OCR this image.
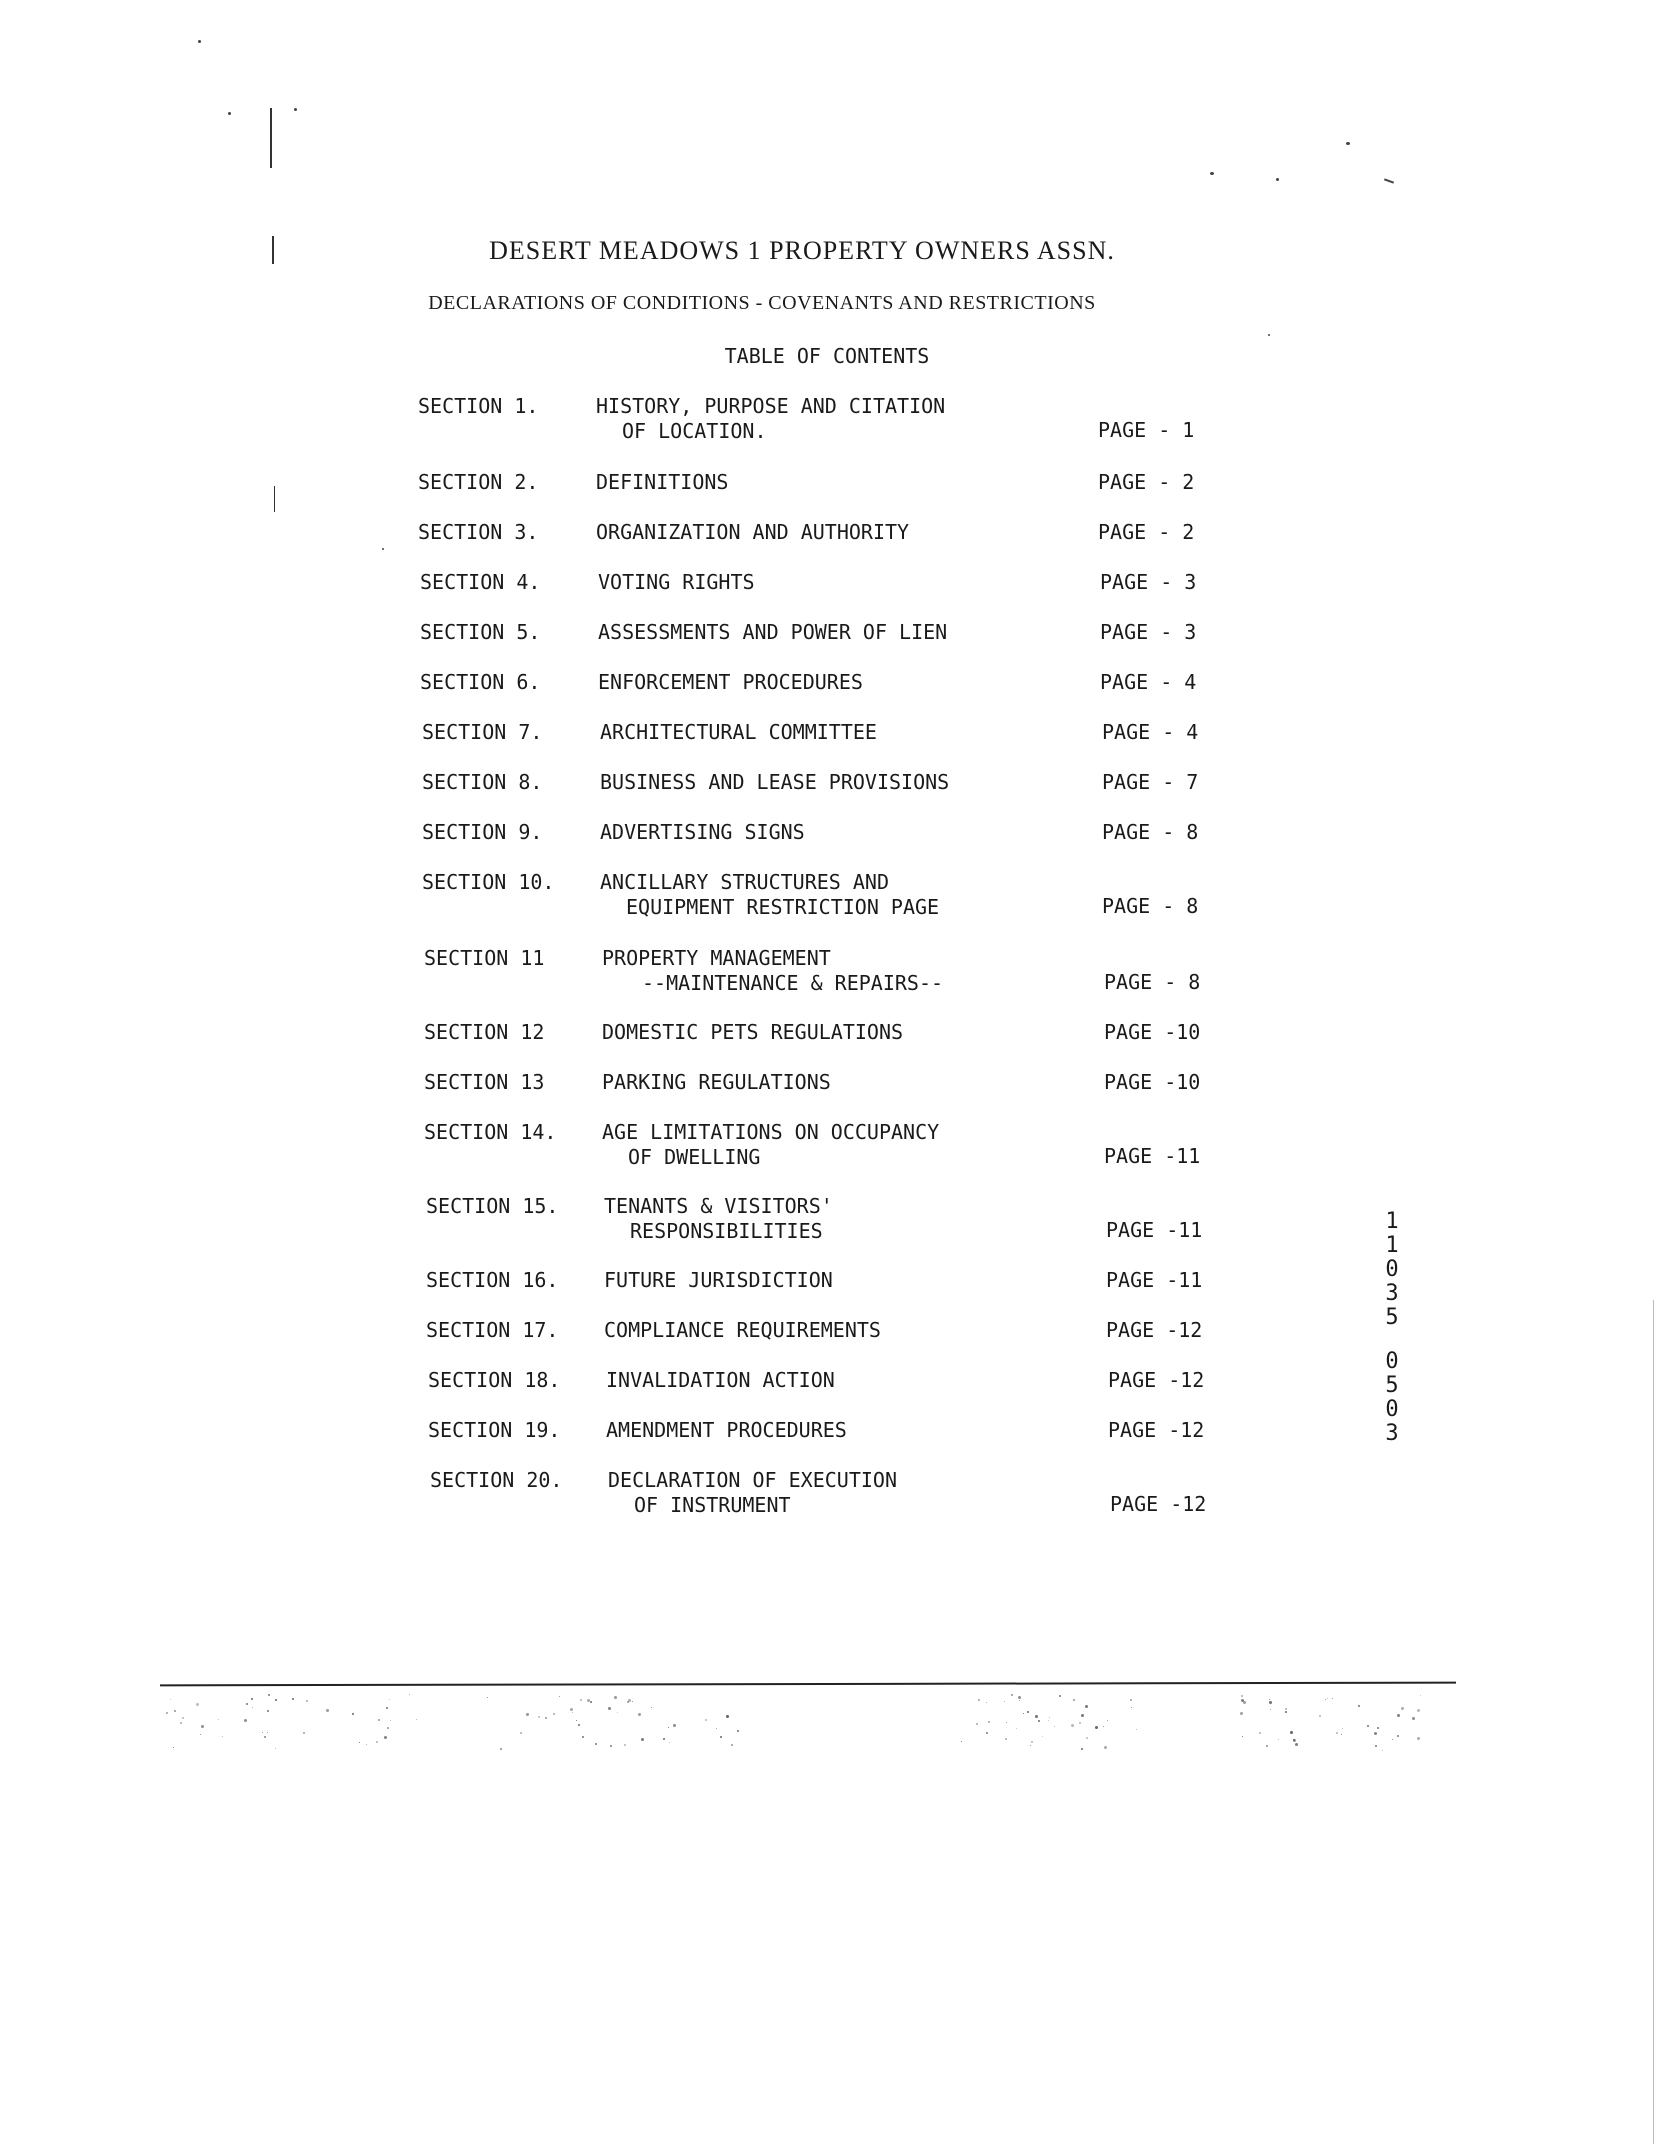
DESERT MEADOWS 1 PROPERTY OWNERS ASSN.
DECLARATIONS OF CONDITIONS - COVENANTS AND RESTRICTIONS
TABLE OF CONTENTS
SECTION 1.	HISTORY, PURPOSE AND CITATION
OF LOCATION.	PAGE - 1
SECTION 2.	DEFINITIONS	PAGE - 2
SECTION 3.	ORGANIZATION AND AUTHORITY	PAGE - 2
SECTION 4.	VOTING RIGHTS	PAGE - 3
SECTION 5.	ASSESSMENTS AND POWER OF LIEN	PAGE - 3
SECTION 6.	ENFORCEMENT PROCEDURES	PAGE - 4
SECTION 7.	ARCHITECTURAL COMMITTEE	PAGE - 4
SECTION 8.	BUSINESS AND LEASE PROVISIONS	PAGE - 7
SECTION 9.	ADVERTISING SIGNS	PAGE - 8
SECTION 10. ANCILLARY STRUCTURES AND
EQUIPMENT RESTRICTION PAGE	PAGE - 8
SECTION 11	PROPERTY MANAGEMENT
--MAINTENANCE & REPAIRS--	PAGE - 8
SECTION 12	DOMESTIC PETS REGULATIONS	PAGE -10
SECTION 13	PARKING REGULATIONS	PAGE -10
SECTION 14. AGE LIMITATIONS ON OCCUPANCY
OF DWELLING	PAGE -11
SECTION 15. TENANTS & VISITORS'
RESPONSIBILITIES	PAGE -11
SECTION 16. FUTURE JURISDICTION	PAGE -11
SECTION 17. COMPLIANCE REQUIREMENTS	PAGE -12
SECTION 18. INVALIDATION ACTION	PAGE -12
SECTION 19. AMENDMENT PROCEDURES	PAGE -12
SECTION 20. DECLARATION OF EXECUTION
OF INSTRUMENT	PAGE -12
11035
0503
